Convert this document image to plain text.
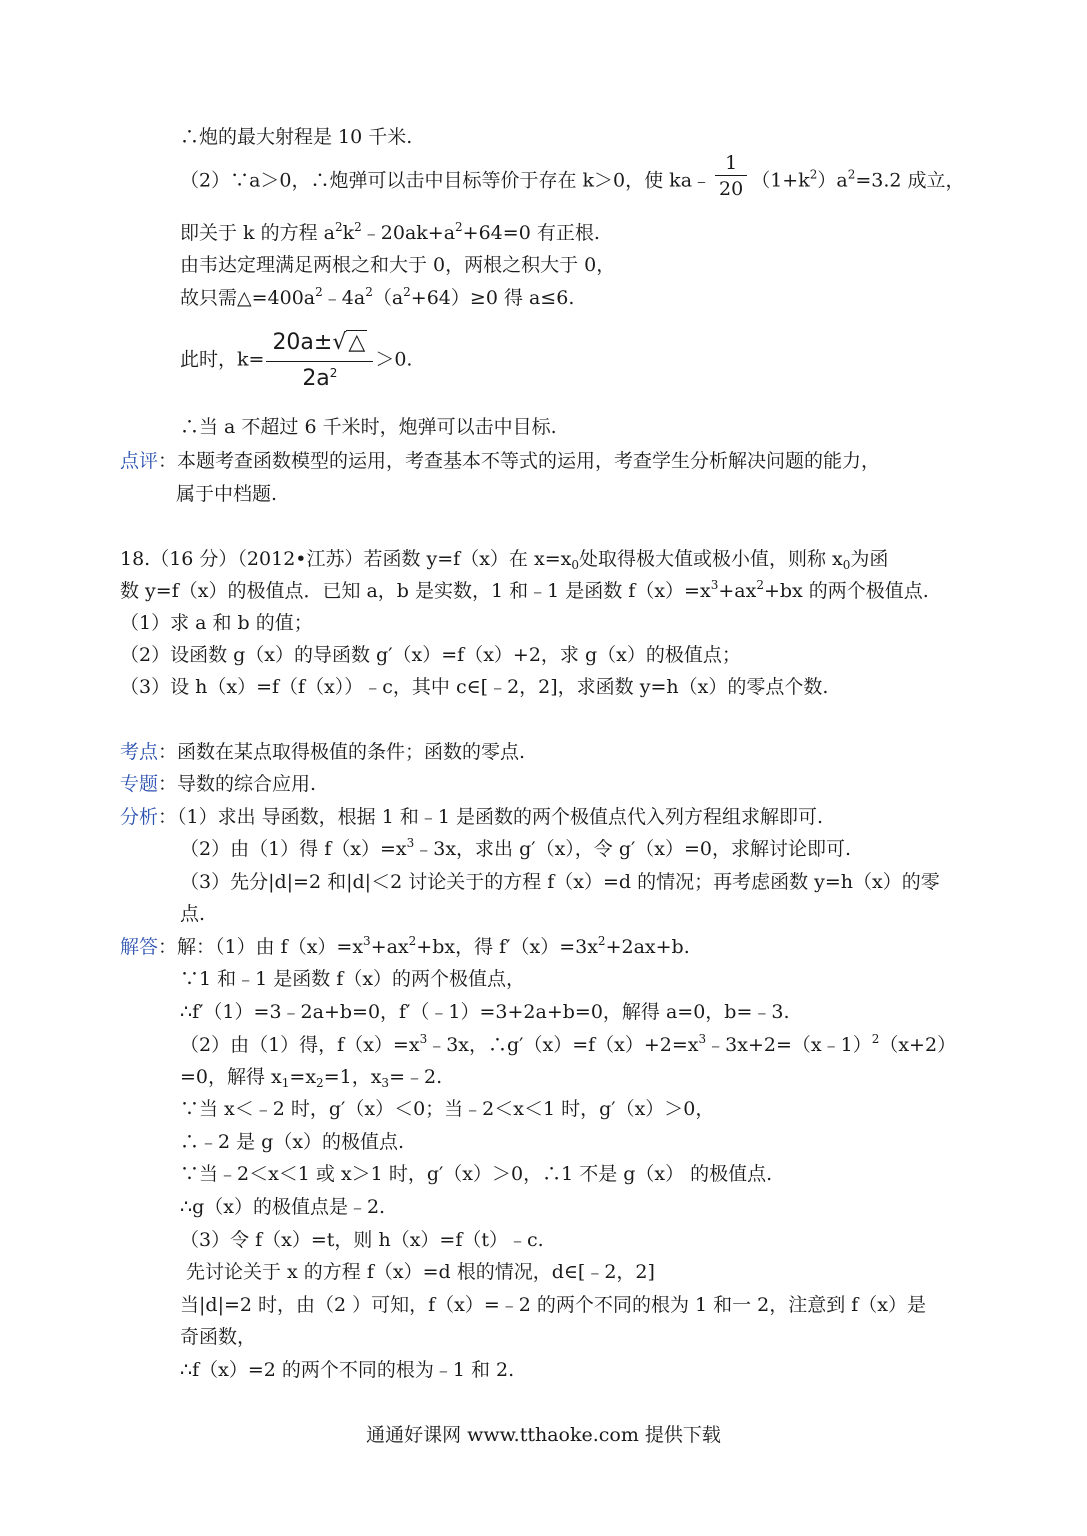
∴炮的最大射程是 10 千米.
（2）∵a＞0，∴炮弹可以击中目标等价于存在 k＞0，使 ka﹣ $\frac{1}{20} (1+k^2)a^2=3.2$ 成立，
即关于 k 的方程 $a^2k^2﹣20ak+a^2+64=0$ 有正根.
由韦达定理满足两根之和大于 0，两根之积大于 0，
故只需$\triangle=400a^2﹣4a^2(a^2+64)\ge 0$ 得 a≤6.
此时，$k= \frac{20a\pm√\triangle}{2a^2} >0$.
∴当 a 不超过 6 千米时，炮弹可以击中目标.
点评：本题考查函数模型的运用，考查基本不等式的运用，考查学生分析解决问题的能力，
属于中档题.
18.（16 分）（2012•江苏）若函数 y=f（x）在 $x=x_0$处取得极大值或极小值，则称 $x_0$为函
数 y=f（x）的极值点．已知 a，b 是实数，1 和﹣1 是函数 $f(x)=x^3+ax^2+bx$ 的两个极值点.
（1）求 a 和 b 的值；
（2）设函数 g（x）的导函数 g′（x）=f（x）+2，求 g（x）的极值点；
（3）设 h（x）=f（f（x））﹣c，其中 c∈[﹣2，2]，求函数 y=h（x）的零点个数.
考点：函数在某点取得极值的条件；函数的零点.
专题：导数的综合应用.
分析：（1）求出 导函数，根据 1 和﹣1 是函数的两个极值点代入列方程组求解即可.
（2）由（1）得 $f(x)=x^3﹣3x$，求出 g′（x），令 g′（x）=0，求解讨论即可.
（3）先分|d|=2 和|d|＜2 讨论关于的方程 f（x）=d 的情况；再考虑函数 y=h（x）的零
点.
解答：解：（1）由 $f(x)=x^3+ax^2+bx$，得 $f'(x)=3x^2+2ax+b$.
∵1 和﹣1 是函数 f（x）的两个极值点，
∴f′（1）=3﹣2a+b=0，f′（﹣1）=3+2a+b=0，解得 a=0，b=﹣3.
（2）由（1）得，$f(x)=x^3﹣3x$，$\therefore g'(x)=f(x)+2=x^3﹣3x+2=(x﹣1)^2(x+2)$
=0，解得 $x_1=x_2=1$，$x_3=﹣2$.
∵当 x＜﹣2 时，g′（x）＜0；当﹣2＜x＜1 时，g′（x）＞0，
∴﹣2 是 g（x）的极值点.
∵当﹣2＜x＜1 或 x＞1 时，g′（x）＞0，∴1 不是 g（x） 的极值点.
∴g（x）的极值点是﹣2.
（3）令 f（x）=t，则 h（x）=f（t）﹣c.
先讨论关于 x 的方程 f（x）=d 根的情况，d∈[﹣2，2]
当|d|=2 时，由（2 ）可知，f（x）=﹣2 的两个不同的根为 1 和一 2，注意到 f（x）是
奇函数，
∴f（x）=2 的两个不同的根为﹣1 和 2.
通通好课网 www.tthaoke.com 提供下载
